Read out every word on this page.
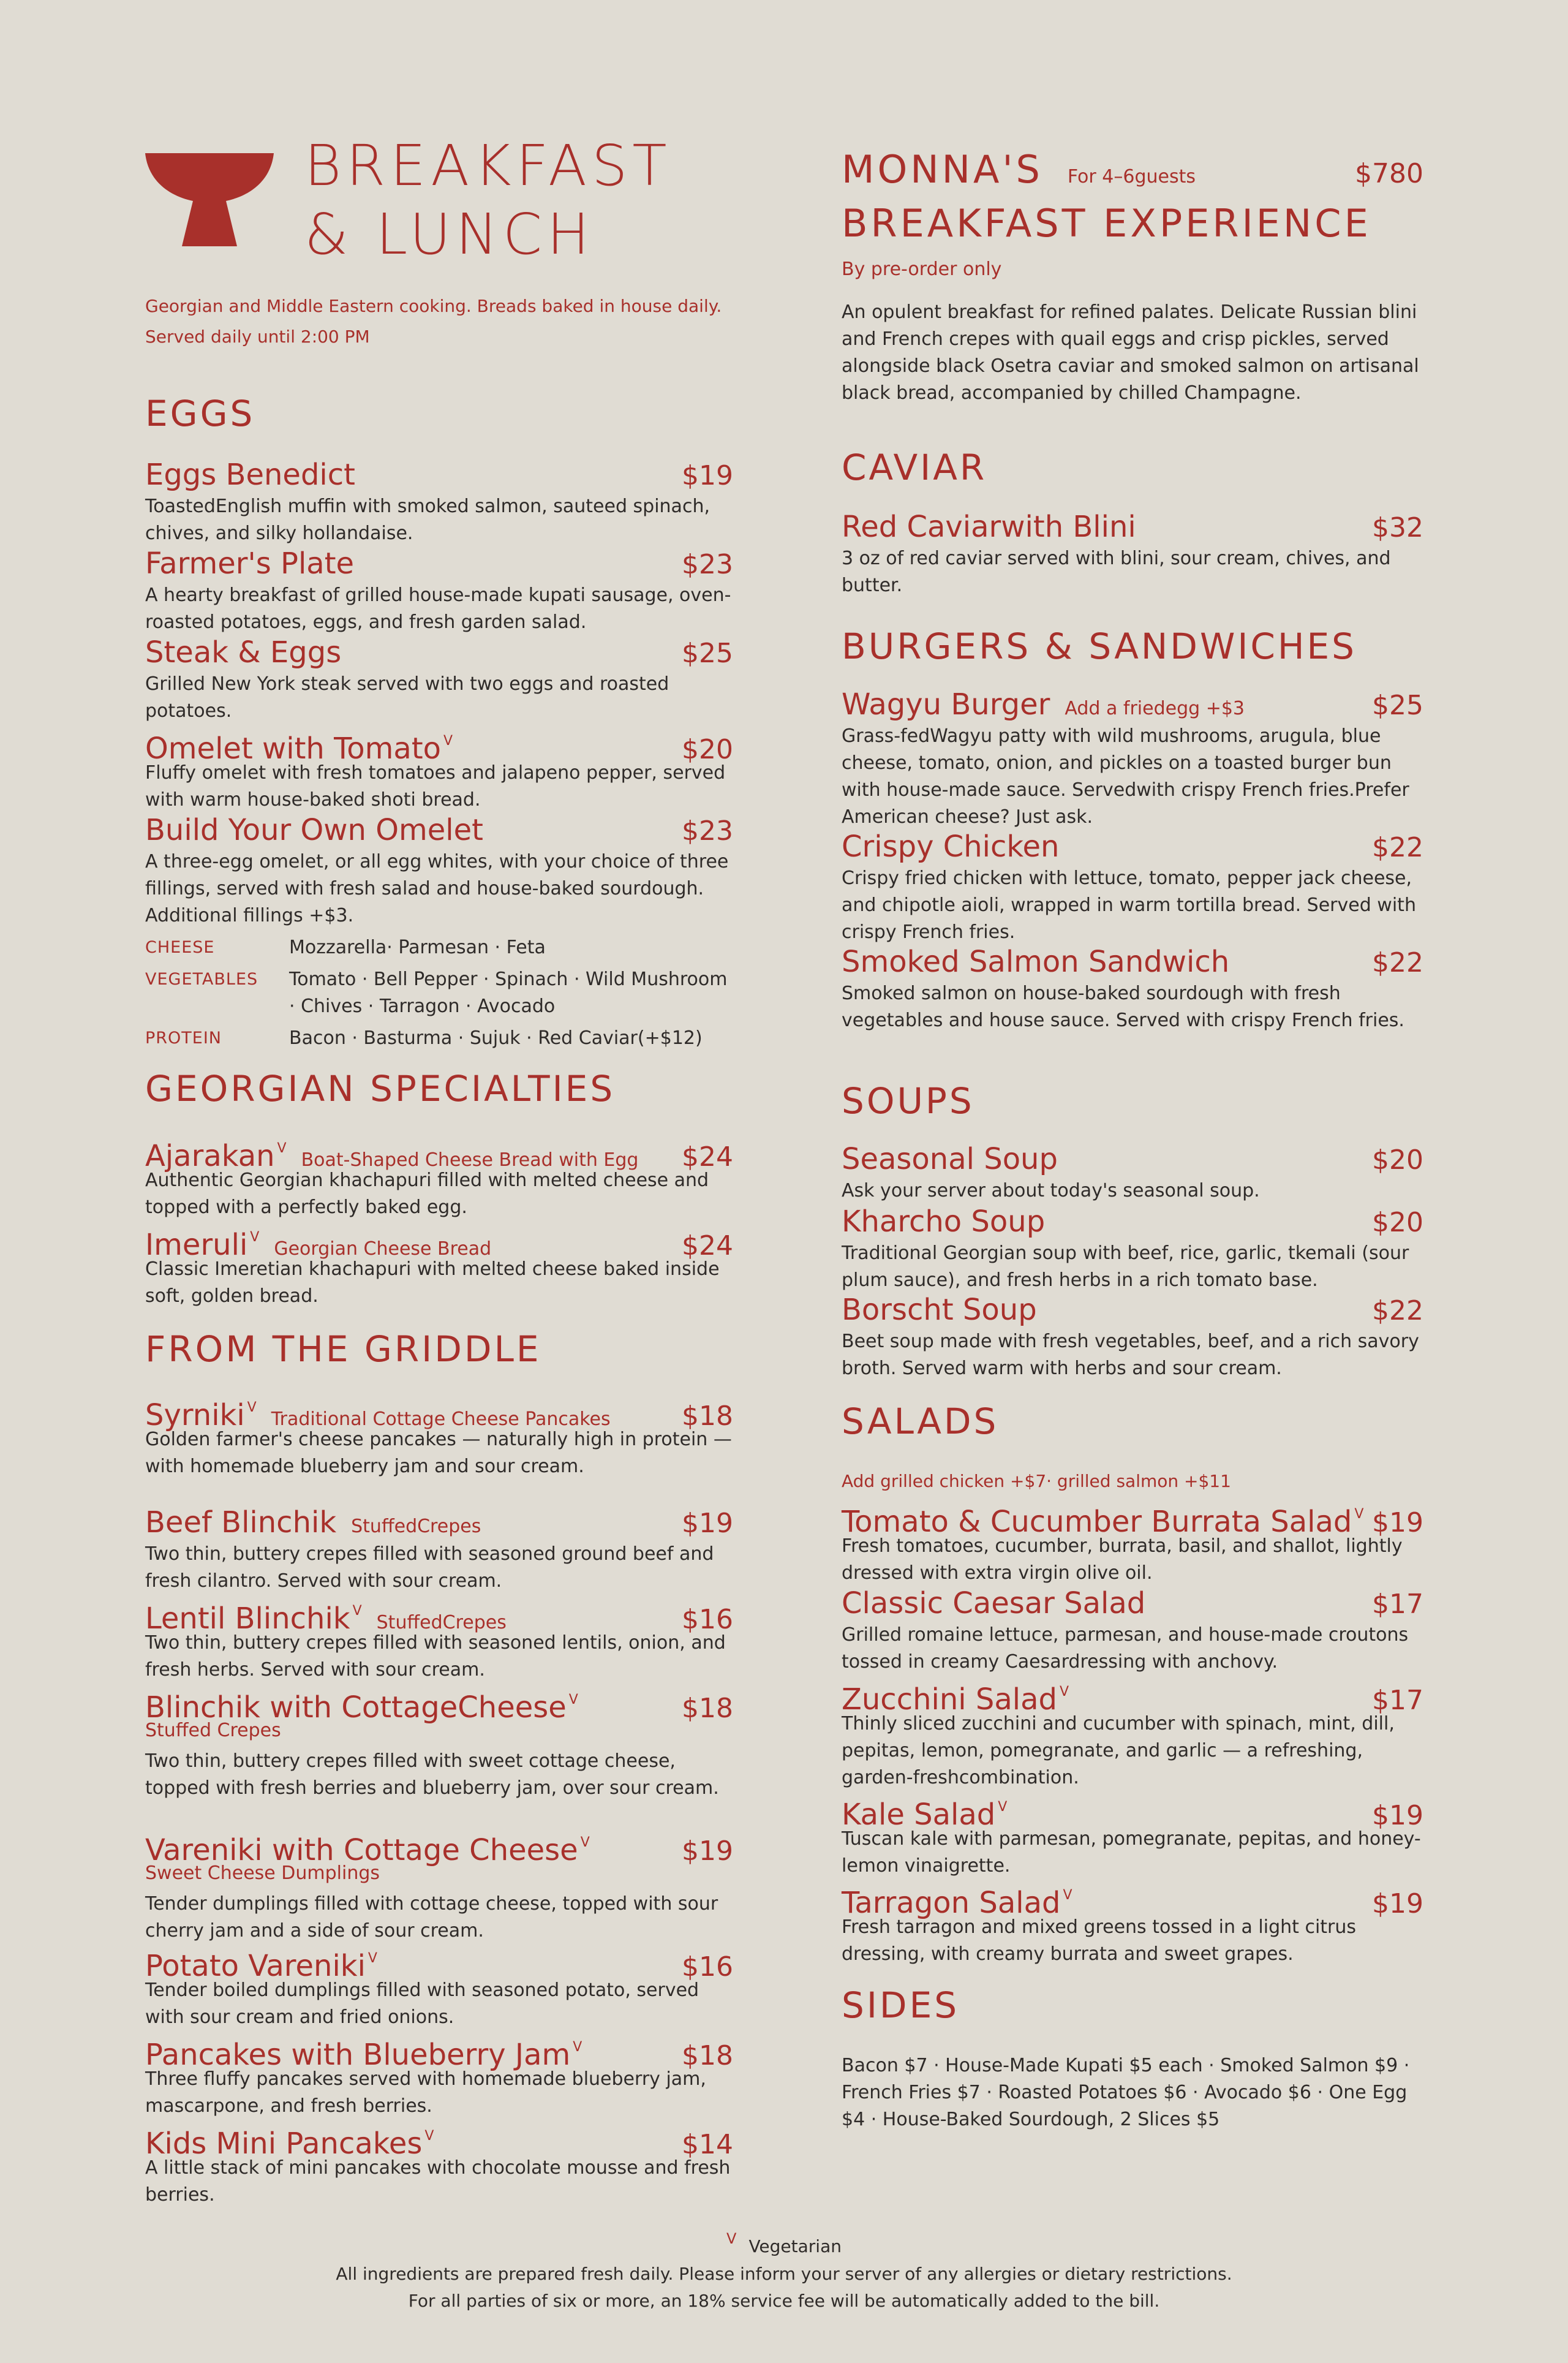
BREAKFAST
& LUNCH

Georgian and Middle Eastern cooking. Breads baked in house daily.

Served daily until 2:00 PM

EGGS
Eggs Benedict	$19
ToastedEnglish muffin with smoked salmon, sauteed spinach, chives, and silky hollandaise.
Farmer's Plate	$23
A hearty breakfast of grilled house-made kupati sausage, oven-roasted potatoes, eggs, and fresh garden salad.
Steak & Eggs	$25
Grilled New York steak served with two eggs and roasted potatoes.
Omelet with Tomato $^V$	$20
Fluffy omelet with fresh tomatoes and jalapeno pepper, served with warm house-baked shoti bread.
Build Your Own Omelet	$23
A three-egg omelet, or all egg whites, with your choice of three fillings, served with fresh salad and house-baked sourdough. Additional fillings +$3.
CHEESE	Mozzarella· Parmesan · Feta
VEGETABLES	Tomato · Bell Pepper · Spinach · Wild Mushroom · Chives · Tarragon · Avocado
PROTEIN	Bacon · Basturma · Sujuk · Red Caviar(+$12)
GEORGIAN SPECIALTIES
Ajarakan $^V$
Boat-Shaped Cheese Bread with Egg $24
Authentic Georgian khachapuri filled with melted cheese and topped with a perfectly baked egg.
Imeruli $^V$
Georgian Cheese Bread	$24
Classic Imeretian khachapuri with melted cheese baked inside soft, golden bread.
FROM THE GRIDDLE
Syrniki $^V$
Traditional Cottage Cheese Pancakes	$18
Golden farmer's cheese pancakes — naturally high in protein — with homemade blueberry jam and sour cream.
Beef Blinchik StuffedCrepes	$19
Two thin, buttery crepes filled with seasoned ground beef and fresh cilantro. Served with sour cream.
Lentil Blinchik $^V$
StuffedCrepes	$16
Two thin, buttery crepes filled with seasoned lentils, onion, and fresh herbs. Served with sour cream.
Blinchik with CottageCheese $^V$	$18
Stuffed Crepes
Two thin, buttery crepes filled with sweet cottage cheese, topped with fresh berries and blueberry jam, over sour cream.
Vareniki with Cottage Cheese $^V$	$19
Sweet Cheese Dumplings
Tender dumplings filled with cottage cheese, topped with sour cherry jam and a side of sour cream.
Potato Vareniki $^V$	$16
Tender boiled dumplings filled with seasoned potato, served with sour cream and fried onions.
Pancakes with Blueberry Jam $^V$	$18
Three fluffy pancakes served with homemade blueberry jam, mascarpone, and fresh berries.
Kids Mini Pancakes $^V$	$14
A little stack of mini pancakes with chocolate mousse and fresh berries.
MONNA'S For 4–6guests	$780
BREAKFAST EXPERIENCE
By pre-order only
An opulent breakfast for refined palates. Delicate Russian blini and French crepes with quail eggs and crisp pickles, served alongside black Osetra caviar and smoked salmon on artisanal black bread, accompanied by chilled Champagne.
CAVIAR
Red Caviarwith Blini	$32
3 oz of red caviar served with blini, sour cream, chives, and butter.
BURGERS & SANDWICHES
Wagyu Burger Add a friedegg +$3	$25
Grass-fedWagyu patty with wild mushrooms, arugula, blue cheese, tomato, onion, and pickles on a toasted burger bun with house-made sauce. Servedwith crispy French fries.Prefer American cheese? Just ask.
Crispy Chicken	$22
Crispy fried chicken with lettuce, tomato, pepper jack cheese, and chipotle aioli, wrapped in warm tortilla bread. Served with crispy French fries.
Smoked Salmon Sandwich	$22
Smoked salmon on house-baked sourdough with fresh vegetables and house sauce. Served with crispy French fries.
SOUPS
Seasonal Soup	$20
Ask your server about today's seasonal soup.
Kharcho Soup	$20
Traditional Georgian soup with beef, rice, garlic, tkemali (sour plum sauce), and fresh herbs in a rich tomato base.
Borscht Soup	$22
Beet soup made with fresh vegetables, beef, and a rich savory broth. Served warm with herbs and sour cream.
SALADS
Add grilled chicken +$7· grilled salmon +$11
Tomato & Cucumber Burrata Salad $^V$ $19
Fresh tomatoes, cucumber, burrata, basil, and shallot, lightly dressed with extra virgin olive oil.
Classic Caesar Salad	$17
Grilled romaine lettuce, parmesan, and house-made croutons tossed in creamy Caesardressing with anchovy.
Zucchini Salad $^V$	$17
Thinly sliced zucchini and cucumber with spinach, mint, dill, pepitas, lemon, pomegranate, and garlic — a refreshing, garden-freshcombination.
Kale Salad $^V$	$19
Tuscan kale with parmesan, pomegranate, pepitas, and honey-lemon vinaigrette.
Tarragon Salad $^V$	$19
Fresh tarragon and mixed greens tossed in a light citrus dressing, with creamy burrata and sweet grapes.
SIDES
Bacon $7 · House-Made Kupati $5 each · Smoked Salmon $9 · French Fries $7 · Roasted Potatoes $6 · Avocado $6 · One Egg $4 · House-Baked Sourdough, 2 Slices $5
V Vegetarian
All ingredients are prepared fresh daily. Please inform your server of any allergies or dietary restrictions.
For all parties of six or more, an 18% service fee will be automatically added to the bill.
